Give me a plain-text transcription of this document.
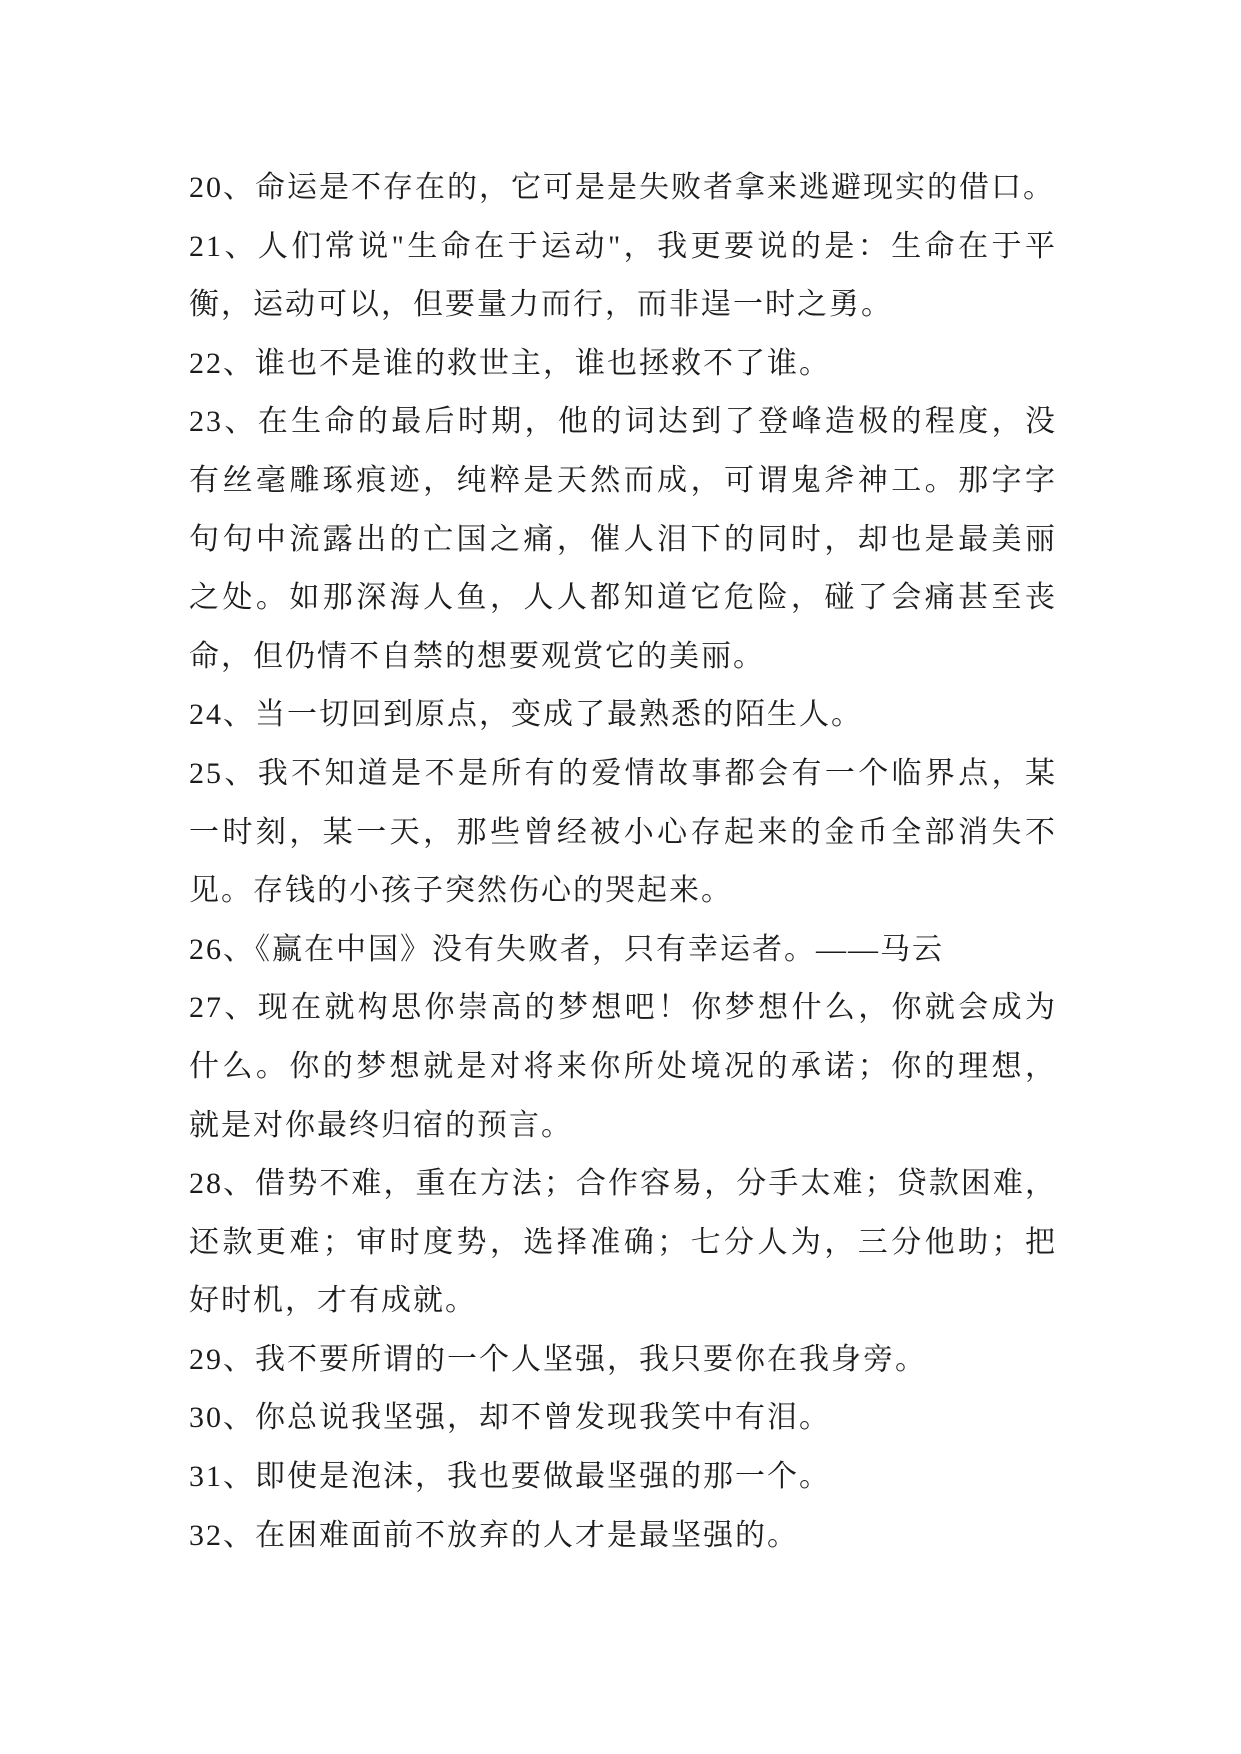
20、命运是不存在的，它可是是失败者拿来逃避现实的借口。
21、人们常说"生命在于运动"，我更要说的是：生命在于平
衡，运动可以，但要量力而行，而非逞一时之勇。
22、谁也不是谁的救世主，谁也拯救不了谁。
23、在生命的最后时期，他的词达到了登峰造极的程度，没
有丝毫雕琢痕迹，纯粹是天然而成，可谓鬼斧神工。那字字
句句中流露出的亡国之痛，催人泪下的同时，却也是最美丽
之处。如那深海人鱼，人人都知道它危险，碰了会痛甚至丧
命，但仍情不自禁的想要观赏它的美丽。
24、当一切回到原点，变成了最熟悉的陌生人。
25、我不知道是不是所有的爱情故事都会有一个临界点，某
一时刻，某一天，那些曾经被小心存起来的金币全部消失不
见。存钱的小孩子突然伤心的哭起来。
26、《赢在中国》没有失败者，只有幸运者。——马云
27、现在就构思你崇高的梦想吧！你梦想什么，你就会成为
什么。你的梦想就是对将来你所处境况的承诺；你的理想，
就是对你最终归宿的预言。
28、借势不难，重在方法；合作容易，分手太难；贷款困难，
还款更难；审时度势，选择准确；七分人为，三分他助；把
好时机，才有成就。
29、我不要所谓的一个人坚强，我只要你在我身旁。
30、你总说我坚强，却不曾发现我笑中有泪。
31、即使是泡沫，我也要做最坚强的那一个。
32、在困难面前不放弃的人才是最坚强的。
